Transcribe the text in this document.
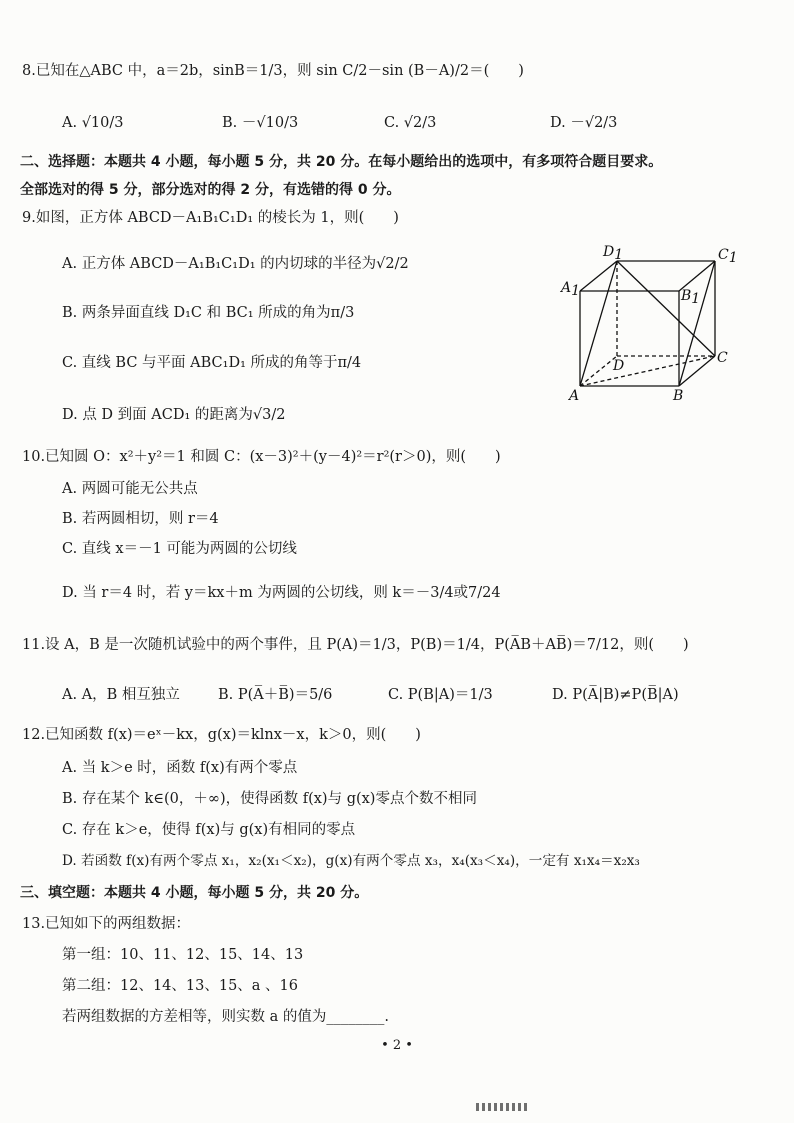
8.已知在△ABC 中，a＝2b，sinB＝1/3，则 sin C/2－sin (B－A)/2＝(　　)
A. √10/3	B. －√10/3	C. √2/3	D. －√2/3
二、选择题：本题共 4 小题，每小题 5 分，共 20 分。在每小题给出的选项中，有多项符合题目要求。
全部选对的得 5 分，部分选对的得 2 分，有选错的得 0 分。
9.如图，正方体 ABCD－A₁B₁C₁D₁ 的棱长为 1，则(　　)
A. 正方体 ABCD－A₁B₁C₁D₁ 的内切球的半径为√2/2
B. 两条异面直线 D₁C 和 BC₁ 所成的角为π/3
C. 直线 BC 与平面 ABC₁D₁ 所成的角等于π/4
D. 点 D 到面 ACD₁ 的距离为√3/2
D1	C1
A1	B1
D	C
A	B
10.已知圆 O：x²＋y²＝1 和圆 C：(x－3)²＋(y－4)²＝r²(r＞0)，则(　　)
A. 两圆可能无公共点
B. 若两圆相切，则 r＝4
C. 直线 x＝－1 可能为两圆的公切线
D. 当 r＝4 时，若 y＝kx＋m 为两圆的公切线，则 k＝－3/4或7/24
11.设 A，B 是一次随机试验中的两个事件，且 P(A)＝1/3，P(B)＝1/4，P(A̅B＋AB̅)＝7/12，则(　　)
A. A，B 相互独立	B. P(A̅＋B̅)＝5/6	C. P(B|A)＝1/3	D. P(A̅|B)≠P(B̅|A)
12.已知函数 f(x)＝eˣ－kx，g(x)＝klnx－x，k＞0，则(　　)
A. 当 k＞e 时，函数 f(x)有两个零点
B. 存在某个 k∈(0，＋∞)，使得函数 f(x)与 g(x)零点个数不相同
C. 存在 k＞e，使得 f(x)与 g(x)有相同的零点
D. 若函数 f(x)有两个零点 x₁，x₂(x₁＜x₂)，g(x)有两个零点 x₃，x₄(x₃＜x₄)，一定有 x₁x₄＝x₂x₃
三、填空题：本题共 4 小题，每小题 5 分，共 20 分。
13.已知如下的两组数据：
第一组：10、11、12、15、14、13
第二组：12、14、13、15、a 、16
若两组数据的方差相等，则实数 a 的值为________.
• 2 •
